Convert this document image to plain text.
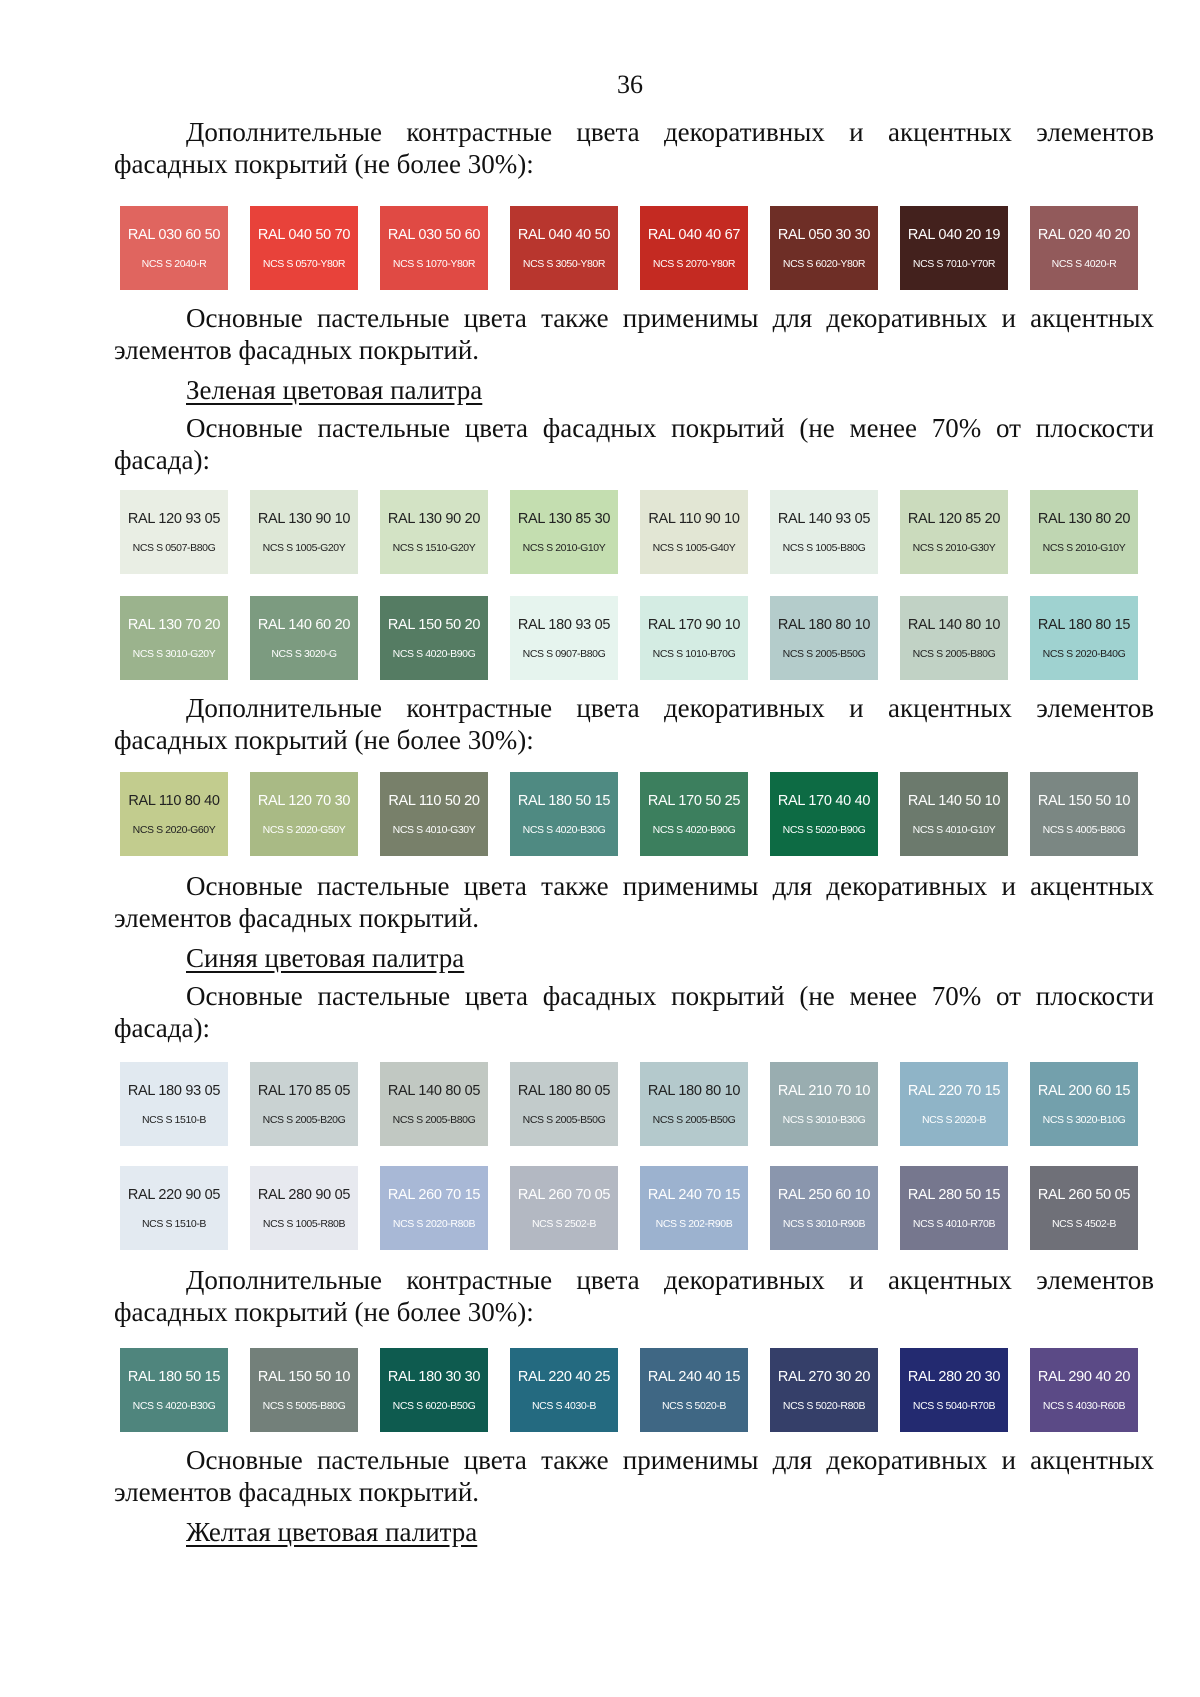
36

Дополнительные контрастные цвета декоративных и акцентных элементов фасадных покрытий (не более 30%):

RAL 030 60 50
NCS S 2040-R
RAL 040 50 70
NCS S 0570-Y80R
RAL 030 50 60
NCS S 1070-Y80R
RAL 040 40 50
NCS S 3050-Y80R
RAL 040 40 67
NCS S 2070-Y80R
RAL 050 30 30
NCS S 6020-Y80R
RAL 040 20 19
NCS S 7010-Y70R
RAL 020 40 20
NCS S 4020-R

Основные пастельные цвета также применимы для декоративных и акцентных элементов фасадных покрытий.

Зеленая цветовая палитра

Основные пастельные цвета фасадных покрытий (не менее 70% от плоскости фасада):

RAL 120 93 05
NCS S 0507-B80G
RAL 130 90 10
NCS S 1005-G20Y
RAL 130 90 20
NCS S 1510-G20Y
RAL 130 85 30
NCS S 2010-G10Y
RAL 110 90 10
NCS S 1005-G40Y
RAL 140 93 05
NCS S 1005-B80G
RAL 120 85 20
NCS S 2010-G30Y
RAL 130 80 20
NCS S 2010-G10Y
RAL 130 70 20
NCS S 3010-G20Y
RAL 140 60 20
NCS S 3020-G
RAL 150 50 20
NCS S 4020-B90G
RAL 180 93 05
NCS S 0907-B80G
RAL 170 90 10
NCS S 1010-B70G
RAL 180 80 10
NCS S 2005-B50G
RAL 140 80 10
NCS S 2005-B80G
RAL 180 80 15
NCS S 2020-B40G

Дополнительные контрастные цвета декоративных и акцентных элементов фасадных покрытий (не более 30%):

RAL 110 80 40
NCS S 2020-G60Y
RAL 120 70 30
NCS S 2020-G50Y
RAL 110 50 20
NCS S 4010-G30Y
RAL 180 50 15
NCS S 4020-B30G
RAL 170 50 25
NCS S 4020-B90G
RAL 170 40 40
NCS S 5020-B90G
RAL 140 50 10
NCS S 4010-G10Y
RAL 150 50 10
NCS S 4005-B80G

Основные пастельные цвета также применимы для декоративных и акцентных элементов фасадных покрытий.

Синяя цветовая палитра

Основные пастельные цвета фасадных покрытий (не менее 70% от плоскости фасада):

RAL 180 93 05
NCS S 1510-B
RAL 170 85 05
NCS S 2005-B20G
RAL 140 80 05
NCS S 2005-B80G
RAL 180 80 05
NCS S 2005-B50G
RAL 180 80 10
NCS S 2005-B50G
RAL 210 70 10
NCS S 3010-B30G
RAL 220 70 15
NCS S 2020-B
RAL 200 60 15
NCS S 3020-B10G
RAL 220 90 05
NCS S 1510-B
RAL 280 90 05
NCS S 1005-R80B
RAL 260 70 15
NCS S 2020-R80B
RAL 260 70 05
NCS S 2502-B
RAL 240 70 15
NCS S 202-R90B
RAL 250 60 10
NCS S 3010-R90B
RAL 280 50 15
NCS S 4010-R70B
RAL 260 50 05
NCS S 4502-B

Дополнительные контрастные цвета декоративных и акцентных элементов фасадных покрытий (не более 30%):

RAL 180 50 15
NCS S 4020-B30G
RAL 150 50 10
NCS S 5005-B80G
RAL 180 30 30
NCS S 6020-B50G
RAL 220 40 25
NCS S 4030-B
RAL 240 40 15
NCS S 5020-B
RAL 270 30 20
NCS S 5020-R80B
RAL 280 20 30
NCS S 5040-R70B
RAL 290 40 20
NCS S 4030-R60B

Основные пастельные цвета также применимы для декоративных и акцентных элементов фасадных покрытий.

Желтая цветовая палитра
